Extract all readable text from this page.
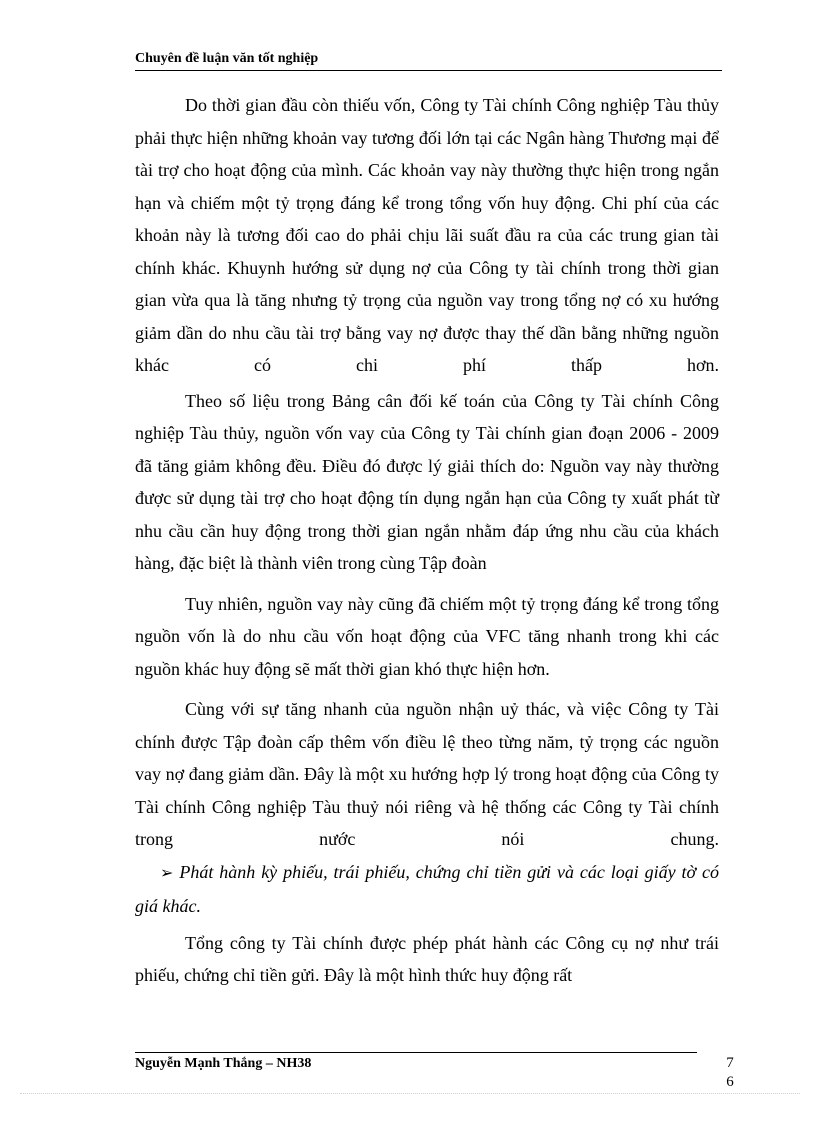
Chuyên đề luận văn tốt nghiệp

Do thời gian đầu còn thiếu vốn, Công ty Tài chính Công nghiệp Tàu thủy phải thực hiện những khoản vay tương đối lớn tại các Ngân hàng Thương mại để tài trợ cho hoạt động của mình. Các khoản vay này thường thực hiện trong ngắn hạn và chiếm một tỷ trọng đáng kể trong tổng vốn huy động. Chi phí của các khoản này là tương đối cao do phải chịu lãi suất đầu ra của các trung gian tài chính khác. Khuynh hướng sử dụng nợ của Công ty tài chính trong thời gian gian vừa qua là tăng nhưng tỷ trọng của nguồn vay trong tổng nợ có xu hướng giảm dần do nhu cầu tài trợ bằng vay nợ được thay thế dần bằng những nguồn khác có chi phí thấp hơn.

Theo số liệu trong Bảng cân đối kế toán của Công ty Tài chính Công nghiệp Tàu thủy, nguồn vốn vay của Công ty Tài chính gian đoạn 2006 - 2009 đã tăng giảm không đều. Điều đó được lý giải thích do: Nguồn vay này thường được sử dụng tài trợ cho hoạt động tín dụng ngắn hạn của Công ty xuất phát từ nhu cầu cần huy động trong thời gian ngắn nhằm đáp ứng nhu cầu của khách hàng, đặc biệt là thành viên trong cùng Tập đoàn

Tuy nhiên, nguồn vay này cũng đã chiếm một tỷ trọng đáng kể trong tổng nguồn vốn là do nhu cầu vốn hoạt động của VFC tăng nhanh trong khi các nguồn khác huy động sẽ mất thời gian khó thực hiện hơn.

Cùng với sự tăng nhanh của nguồn nhận uỷ thác, và việc Công ty Tài chính được Tập đoàn cấp thêm vốn điều lệ theo từng năm, tỷ trọng các nguồn vay nợ đang giảm dần. Đây là một xu hướng hợp lý trong hoạt động của Công ty Tài chính Công nghiệp Tàu thuỷ nói riêng và hệ thống các Công ty Tài chính trong nước nói chung.

➢ Phát hành kỳ phiếu, trái phiếu, chứng chỉ tiền gửi và các loại giấy tờ có giá khác.

Tổng công ty Tài chính được phép phát hành các Công cụ nợ như trái phiếu, chứng chỉ tiền gửi. Đây là một hình thức huy động rất

Nguyễn Mạnh Thắng – NH38	7
6
